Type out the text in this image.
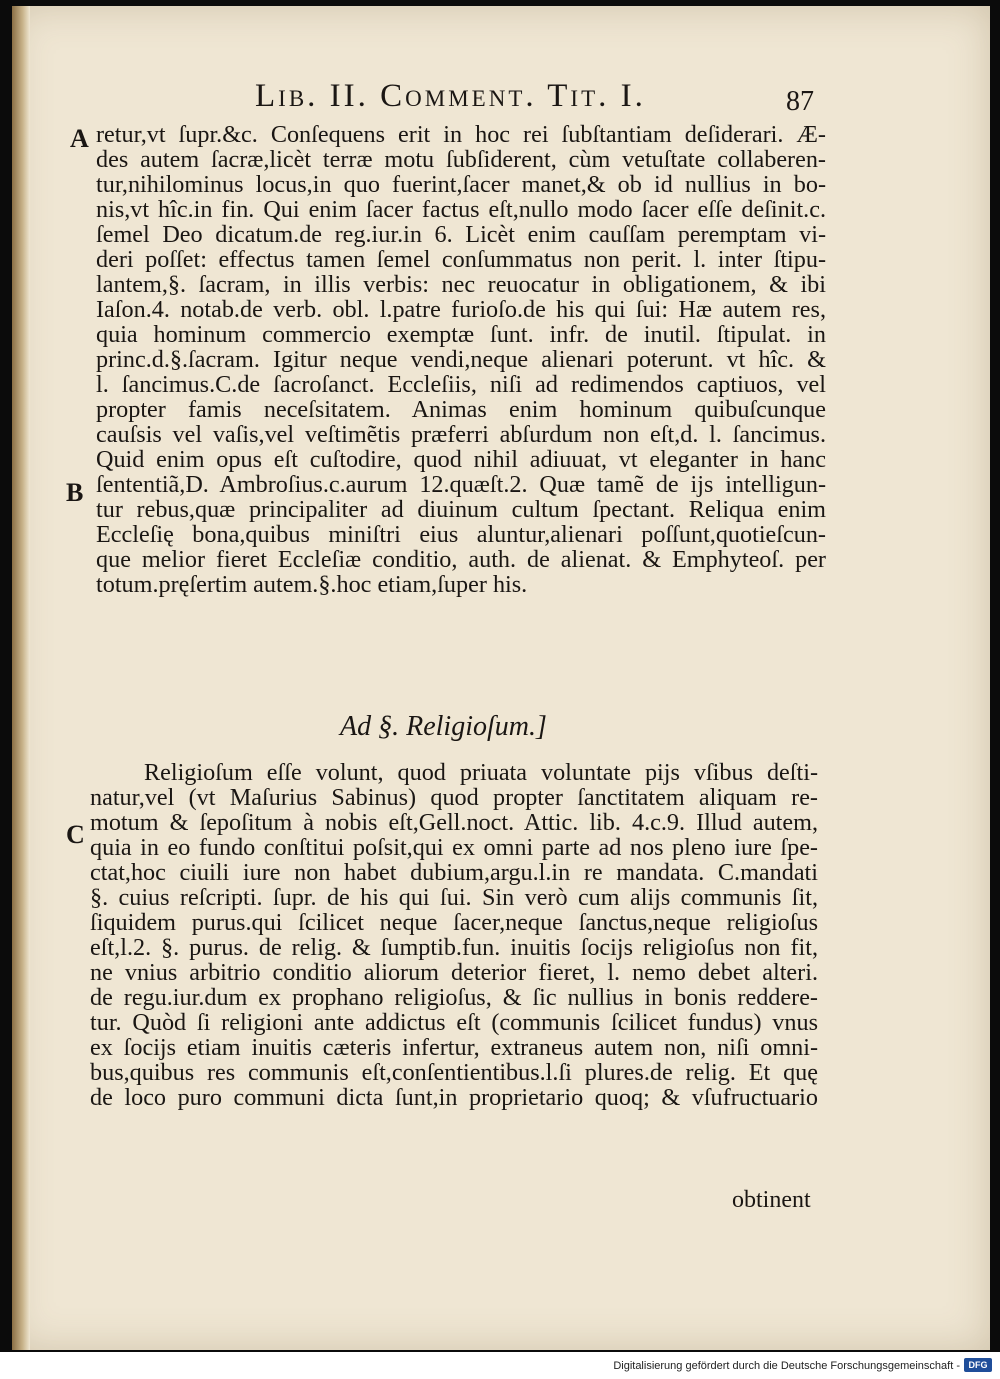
Lib. II. Comment. Tit. I.	87
A
B
C
retur,vt ſupr.&c. Conſequens erit in hoc rei ſubſtantiam deſiderari. Æ-
des autem ſacræ,licèt terræ motu ſubſiderent, cùm vetuſtate collaberen-
tur,nihilominus locus,in quo fuerint,ſacer manet,& ob id nullius in bo-
nis,vt hîc.in fin. Qui enim ſacer factus eſt,nullo modo ſacer eſſe deſinit.c.
ſemel Deo dicatum.de reg.iur.in 6. Licèt enim cauſſam peremptam vi-
deri poſſet: effectus tamen ſemel conſummatus non perit. l. inter ſtipu-
lantem,§. ſacram, in illis verbis: nec reuocatur in obligationem, & ibi
Iaſon.4. notab.de verb. obl. l.patre furioſo.de his qui ſui: Hæ autem res,
quia hominum commercio exemptæ ſunt. infr. de inutil. ſtipulat. in
princ.d.§.ſacram. Igitur neque vendi,neque alienari poterunt. vt hîc. &
l. ſancimus.C.de ſacroſanct. Eccleſiis, niſi ad redimendos captiuos, vel
propter famis neceſsitatem. Animas enim hominum quibuſcunque
cauſsis vel vaſis,vel veſtimẽtis præferri abſurdum non eſt,d. l. ſancimus.
Quid enim opus eſt cuſtodire, quod nihil adiuuat, vt eleganter in hanc
ſententiã,D. Ambroſius.c.aurum 12.quæſt.2. Quæ tamẽ de ijs intelligun-
tur rebus,quæ principaliter ad diuinum cultum ſpectant. Reliqua enim
Eccleſię bona,quibus miniſtri eius aluntur,alienari poſſunt,quotieſcun-
que melior fieret Eccleſiæ conditio, auth. de alienat. & Emphyteoſ. per
totum.pręſertim autem.§.hoc etiam,ſuper his.
Ad §. Religioſum.]
Religioſum eſſe volunt, quod priuata voluntate pijs vſibus deſti-
natur,vel (vt Maſurius Sabinus) quod propter ſanctitatem aliquam re-
motum & ſepoſitum à nobis eſt,Gell.noct. Attic. lib. 4.c.9. Illud autem,
quia in eo fundo conſtitui poſsit,qui ex omni parte ad nos pleno iure ſpe-
ctat,hoc ciuili iure non habet dubium,argu.l.in re mandata. C.mandati
§. cuius reſcripti. ſupr. de his qui ſui. Sin verò cum alijs communis ſit,
ſiquidem purus.qui ſcilicet neque ſacer,neque ſanctus,neque religioſus
eſt,l.2. §. purus. de relig. & ſumptib.fun. inuitis ſocijs religioſus non fit,
ne vnius arbitrio conditio aliorum deterior fieret, l. nemo debet alteri.
de regu.iur.dum ex prophano religioſus, & ſic nullius in bonis reddere-
tur. Quòd ſi religioni ante addictus eſt (communis ſcilicet fundus) vnus
ex ſocijs etiam inuitis cæteris infertur, extraneus autem non, niſi omni-
bus,quibus res communis eſt,conſentientibus.l.ſi plures.de relig. Et quę
de loco puro communi dicta ſunt,in proprietario quoq; & vſufructuario
obtinent
Digitalisierung gefördert durch die Deutsche Forschungsgemeinschaft - DFG
